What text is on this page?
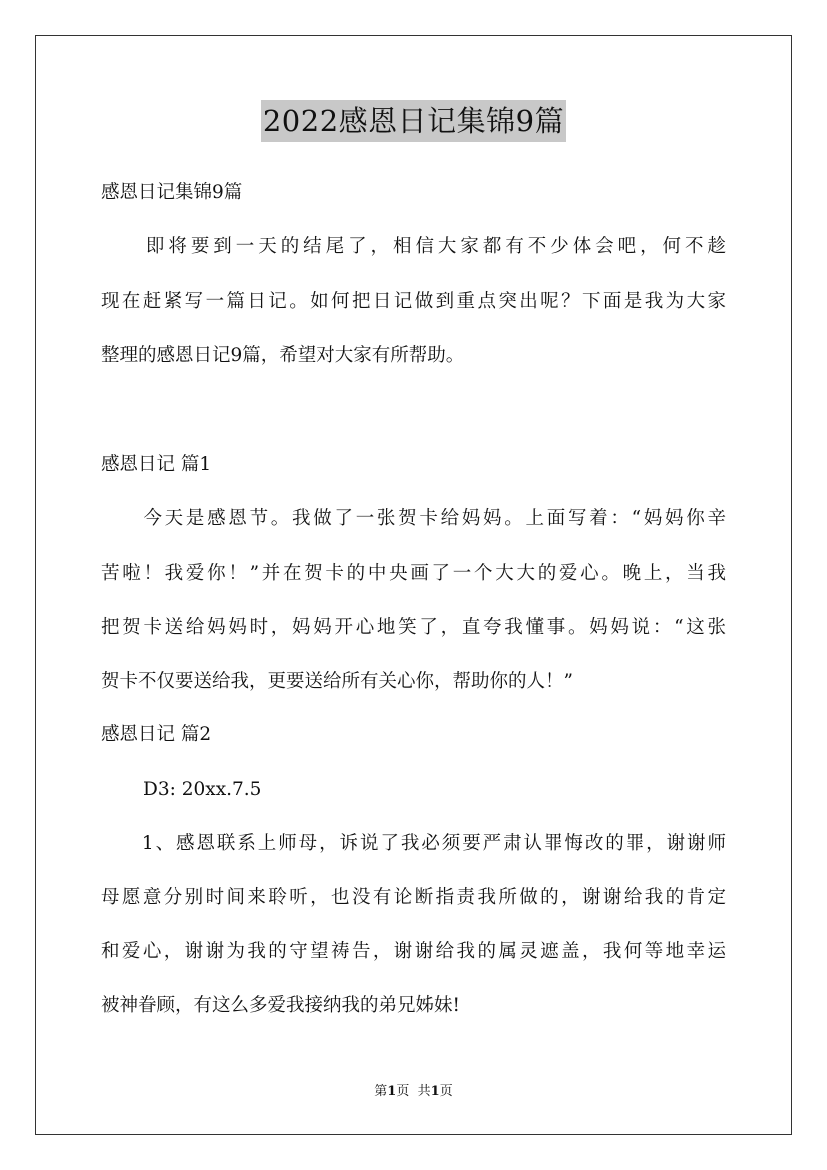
2022感恩日记集锦9篇
感恩日记集锦9篇
　　即将要到一天的结尾了，相信大家都有不少体会吧，何不趁
现在赶紧写一篇日记。如何把日记做到重点突出呢？下面是我为大家
整理的感恩日记9篇，希望对大家有所帮助。
感恩日记 篇1
　　今天是感恩节。我做了一张贺卡给妈妈。上面写着：“妈妈你辛
苦啦！我爱你！”并在贺卡的中央画了一个大大的爱心。晚上，当我
把贺卡送给妈妈时，妈妈开心地笑了，直夸我懂事。妈妈说：“这张
贺卡不仅要送给我，更要送给所有关心你，帮助你的人！”
感恩日记 篇2
D3: 20xx.7.5
　　1、感恩联系上师母，诉说了我必须要严肃认罪悔改的罪，谢谢师
母愿意分别时间来聆听，也没有论断指责我所做的，谢谢给我的肯定
和爱心，谢谢为我的守望祷告，谢谢给我的属灵遮盖，我何等地幸运
被神眷顾，有这么多爱我接纳我的弟兄姊妹!
第1页 共1页
